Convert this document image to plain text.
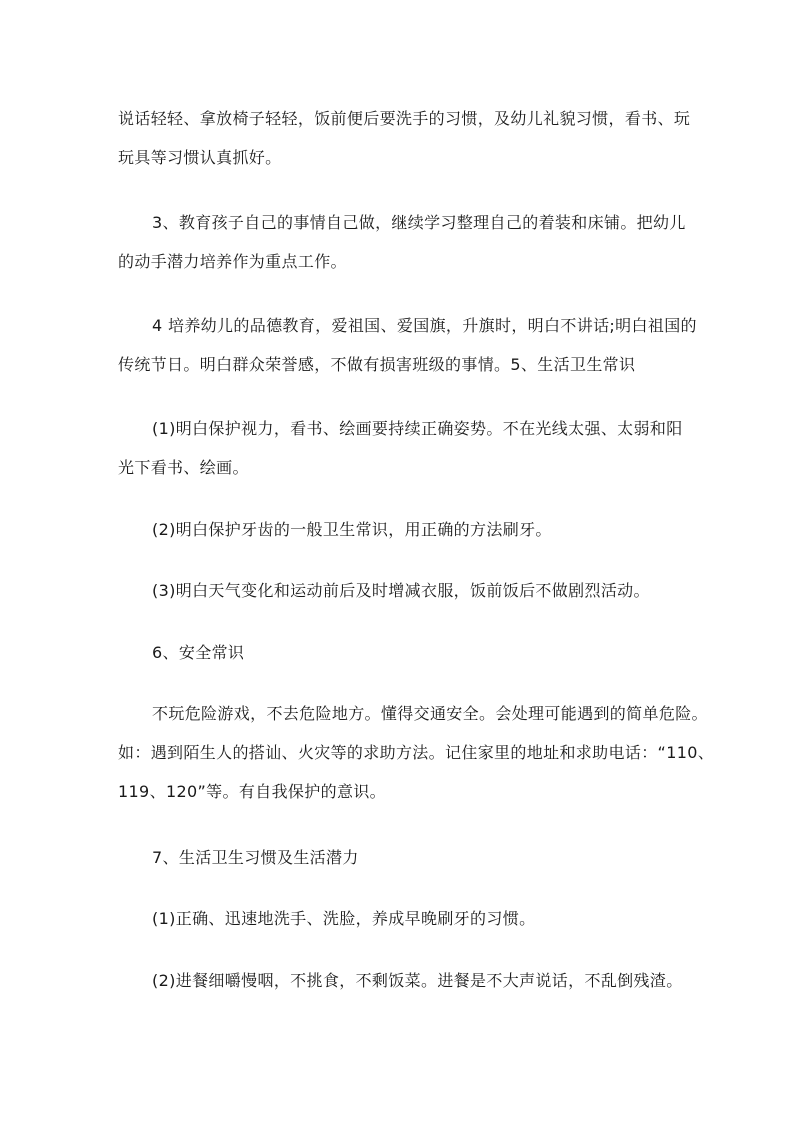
说话轻轻、拿放椅子轻轻，饭前便后要洗手的习惯，及幼儿礼貌习惯，看书、玩
玩具等习惯认真抓好。

3、教育孩子自己的事情自己做，继续学习整理自己的着装和床铺。把幼儿
的动手潜力培养作为重点工作。

4 培养幼儿的品德教育，爱祖国、爱国旗，升旗时，明白不讲话;明白祖国的
传统节日。明白群众荣誉感，不做有损害班级的事情。5、生活卫生常识

(1)明白保护视力，看书、绘画要持续正确姿势。不在光线太强、太弱和阳
光下看书、绘画。

(2)明白保护牙齿的一般卫生常识，用正确的方法刷牙。

(3)明白天气变化和运动前后及时增减衣服，饭前饭后不做剧烈活动。

6、安全常识

不玩危险游戏，不去危险地方。懂得交通安全。会处理可能遇到的简单危险。
如：遇到陌生人的搭讪、火灾等的求助方法。记住家里的地址和求助电话：“110、
119、120”等。有自我保护的意识。

7、生活卫生习惯及生活潜力

(1)正确、迅速地洗手、洗脸，养成早晚刷牙的习惯。

(2)进餐细嚼慢咽，不挑食，不剩饭菜。进餐是不大声说话，不乱倒残渣。
